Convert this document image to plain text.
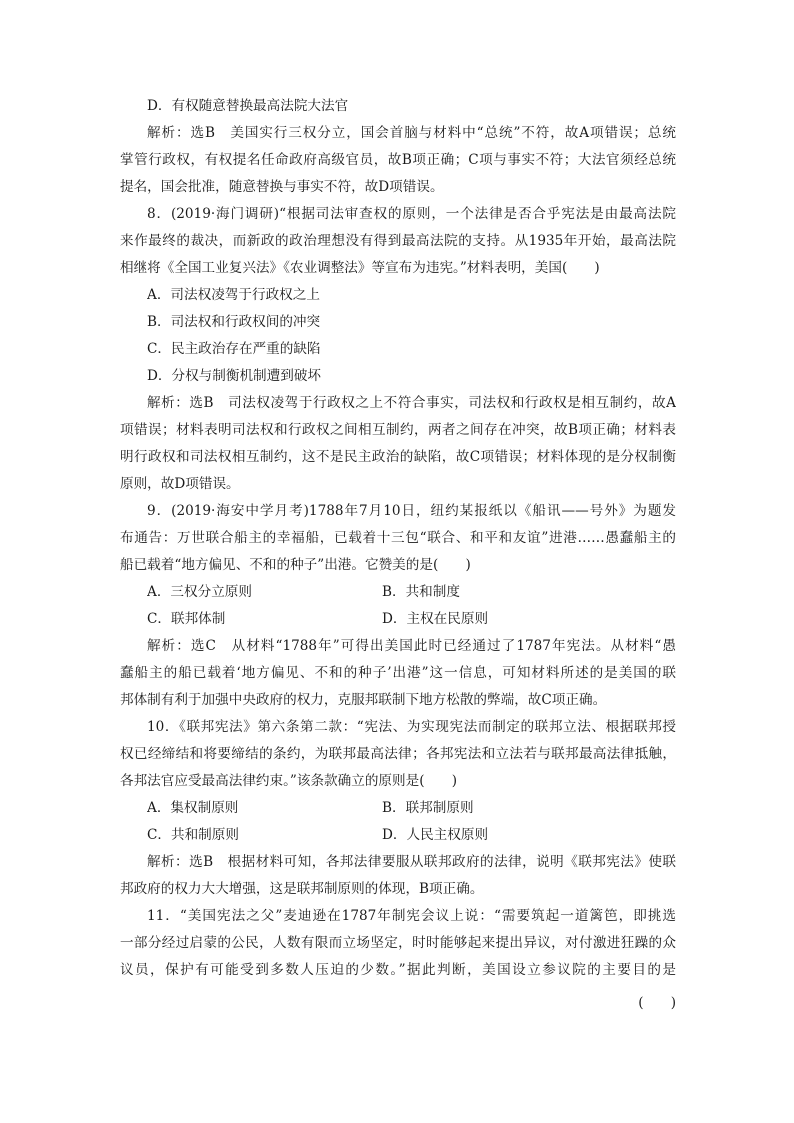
D．有权随意替换最高法院大法官
解析：选B　美国实行三权分立，国会首脑与材料中“总统”不符，故A项错误；总统
掌管行政权，有权提名任命政府高级官员，故B项正确；C项与事实不符；大法官须经总统
提名，国会批准，随意替换与事实不符，故D项错误。
8．(2019·海门调研)“根据司法审查权的原则，一个法律是否合乎宪法是由最高法院
来作最终的裁决，而新政的政治理想没有得到最高法院的支持。从1935年开始，最高法院
相继将《全国工业复兴法》《农业调整法》等宣布为违宪。”材料表明，美国(　　)
A．司法权凌驾于行政权之上
B．司法权和行政权间的冲突
C．民主政治存在严重的缺陷
D．分权与制衡机制遭到破坏
解析：选B　司法权凌驾于行政权之上不符合事实，司法权和行政权是相互制约，故A
项错误；材料表明司法权和行政权之间相互制约，两者之间存在冲突，故B项正确；材料表
明行政权和司法权相互制约，这不是民主政治的缺陷，故C项错误；材料体现的是分权制衡
原则，故D项错误。
9．(2019·海安中学月考)1788年7月10日，纽约某报纸以《船讯——号外》为题发
布通告：万世联合船主的幸福船，已载着十三包“联合、和平和友谊”进港……愚蠢船主的
船已载着“地方偏见、不和的种子”出港。它赞美的是(　　)
A．三权分立原则	B．共和制度
C．联邦体制	D．主权在民原则
解析：选C　从材料“1788年”可得出美国此时已经通过了1787年宪法。从材料“愚
蠢船主的船已载着‘地方偏见、不和的种子’出港”这一信息，可知材料所述的是美国的联
邦体制有利于加强中央政府的权力，克服邦联制下地方松散的弊端，故C项正确。
10．《联邦宪法》第六条第二款：“宪法、为实现宪法而制定的联邦立法、根据联邦授
权已经缔结和将要缔结的条约，为联邦最高法律；各邦宪法和立法若与联邦最高法律抵触，
各邦法官应受最高法律约束。”该条款确立的原则是(　　)
A．集权制原则	B．联邦制原则
C．共和制原则	D．人民主权原则
解析：选B　根据材料可知，各邦法律要服从联邦政府的法律，说明《联邦宪法》使联
邦政府的权力大大增强，这是联邦制原则的体现，B项正确。
11．“美国宪法之父”麦迪逊在1787年制宪会议上说：“需要筑起一道篱笆，即挑选
一部分经过启蒙的公民，人数有限而立场坚定，时时能够起来提出异议，对付激进狂躁的众
议员，保护有可能受到多数人压迫的少数。”据此判断，美国设立参议院的主要目的是
(　　)
